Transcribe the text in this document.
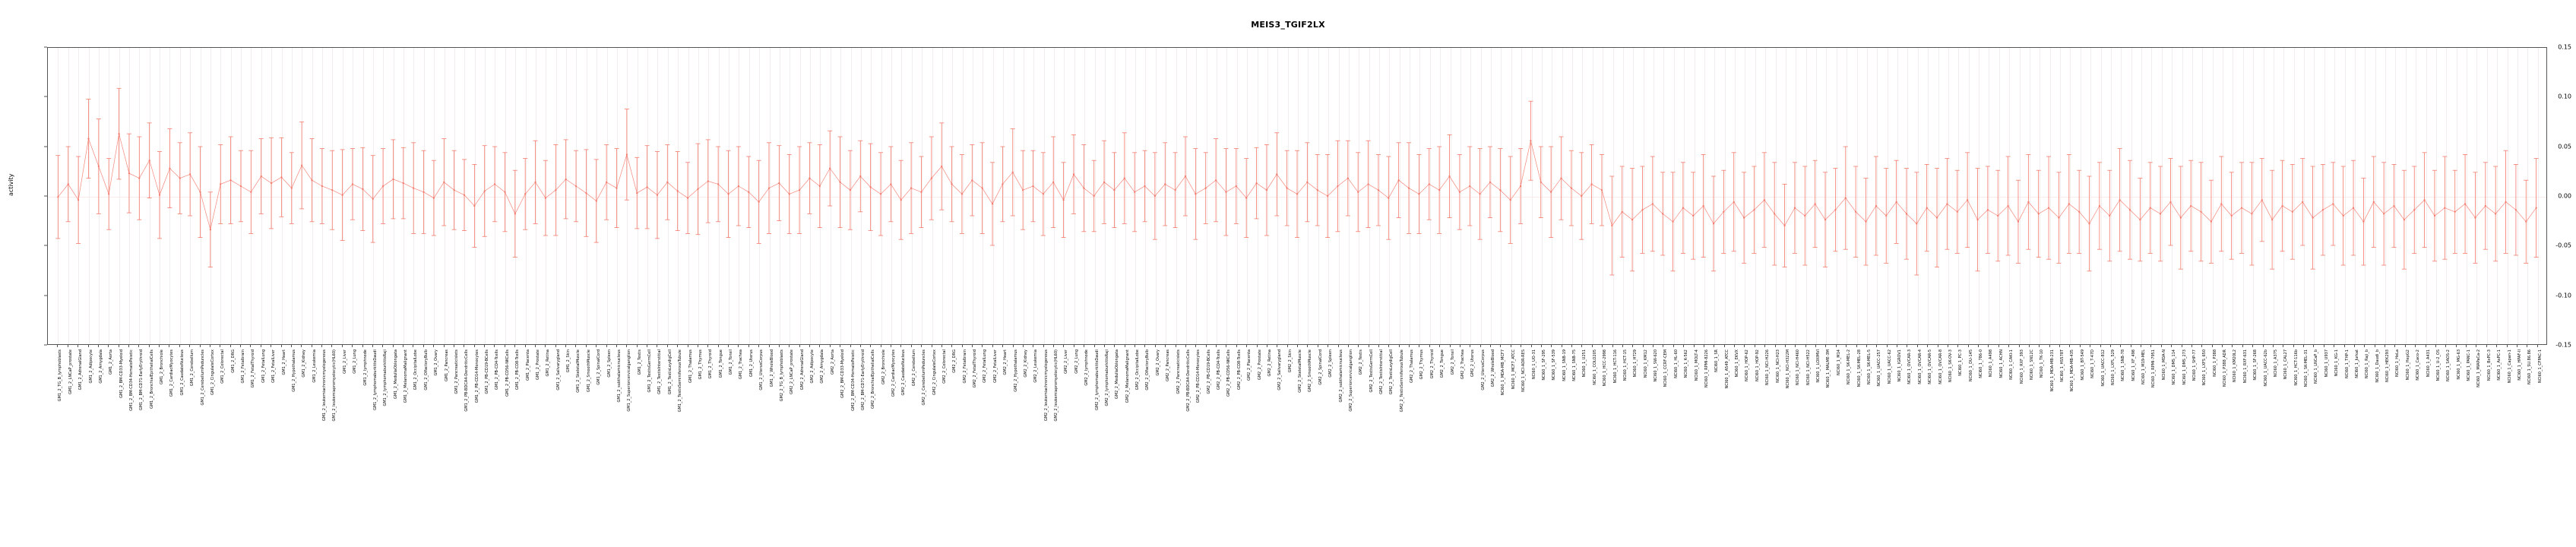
MEIS3_TGIF2LX
activity
-0.15
-0.10
-0.05
0.00
0.05
0.10
0.15
GM1_2_TG_B_lymphoblasts GM1_2_LNCaP_prostate GM1_2_AdrenalGland GM1_2_Adipocyte GM1_2_Amygdala GM1_2_Aorta GM1_2_BM-CD33-Myeloid GM1_2_BM-CD34-HematoPoietic GM1_2_BM-CD71-EarlyErythroid GM1_2_BronchialEpithelialCells GM1_2_Bronchiole GM1_2_CardiacMyocytes GM1_2_CaudateNucleus GM1_2_Cerebellum GM1_2_CerebellumPeduncles GM1_2_CingulateCortex GM1_2_Colorectal GM1_2_DRG GM1_2_Fetalbrain GM1_2_FetalThyroid GM1_2_FetalLung GM1_2_FetalLiver GM1_2_Heart GM1_2_Hypothalamus GM1_2_Kidney GM1_2_Leukemia GM1_2_leukemiachronicmyelogenous GM1_2_leukemiapromyelocytic(HL60) GM1_2_Liver GM1_2_Lung GM1_2_lymphnode GM1_2_lymphomaburkittsDaudi GM1_2_lymphomaburkittsRaji GM1_2_MedullaOblongata GM1_2_MelanomaMalignant GM1_2_OccipitalLobe GM1_2_OlfactoryBulb GM1_2_Ovary GM1_2_Pancreas GM1_2_Pancreaticislets GM1_2_PB-BDCA4-DendriticCells GM1_2_PB-CD14-Monocytes GM1_2_PB-CD19-BCells GM1_2_PB-CD4-Tcells GM1_2_PB-CD56-NKCells GM1_2_PB-CD8-Tcells GM1_2_Placenta GM1_2_Prostate GM1_2_Retina GM1_2_Salivarygland GM1_2_Skin GM1_2_SkeletalMuscle GM1_2_SmoothMuscle GM1_2_SpinalCord GM1_2_Spleen GM1_2_subthalamicnucleus GM1_2_Superiorcervicalganglion GM1_2_Testis GM1_2_TestisGermCell GM1_2_TestisInterstitial GM1_2_TestisLeydigCell GM1_2_TestisSeminiferousTubule GM1_2_Thalamus GM1_2_Thymus GM1_2_Thyroid GM1_2_Tongue GM1_2_Tonsil GM1_2_Trachea GM1_2_Uterus GM1_2_UterusCorpus GM1_2_WholeBlood GM2_2_TG_B_lymphoblasts GM2_2_LNCaP_prostate GM2_2_AdrenalGland GM2_2_Adipocyte GM2_2_Amygdala GM2_2_Aorta GM2_2_BM-CD33-Myeloid GM2_2_BM-CD34-HematoPoietic GM2_2_BM-CD71-EarlyErythroid GM2_2_BronchialEpithelialCells GM2_2_Bronchiole GM2_2_CardiacMyocytes GM2_2_CaudateNucleus GM2_2_Cerebellum GM2_2_CerebellumPeduncles GM2_2_CingulateCortex GM2_2_Colorectal GM2_2_DRG GM2_2_Fetalbrain GM2_2_FetalThyroid GM2_2_FetalLung GM2_2_FetalLiver GM2_2_Heart GM2_2_Hypothalamus GM2_2_Kidney GM2_2_Leukemia GM2_2_leukemiachronicmyelogenous GM2_2_leukemiapromyelocytic(HL60) GM2_2_Liver GM2_2_Lung GM2_2_lymphnode GM2_2_lymphomaburkittsDaudi GM2_2_lymphomaburkittsRaji GM2_2_MedullaOblongata GM2_2_MelanomaMalignant GM2_2_OccipitalLobe GM2_2_OlfactoryBulb GM2_2_Ovary GM2_2_Pancreas GM2_2_Pancreaticislets GM2_2_PB-BDCA4-DendriticCells GM2_2_PB-CD14-Monocytes GM2_2_PB-CD19-BCells GM2_2_PB-CD4-Tcells GM2_2_PB-CD56-NKCells GM2_2_PB-CD8-Tcells GM2_2_Placenta GM2_2_Prostate GM2_2_Retina GM2_2_Salivarygland GM2_2_Skin GM2_2_SkeletalMuscle GM2_2_SmoothMuscle GM2_2_SpinalCord GM2_2_Spleen GM2_2_subthalamicnucleus GM2_2_Superiorcervicalganglion GM2_2_Testis GM2_2_TestisGermCell GM2_2_TestisInterstitial GM2_2_TestisLeydigCell GM2_2_TestisSeminiferousTubule GM2_2_Thalamus GM2_2_Thymus GM2_2_Thyroid GM2_2_Tongue GM2_2_Tonsil GM2_2_Trachea GM2_2_Uterus GM2_2_UterusCorpus GM2_2_WholeBlood NCI60_1_MDA-MB_MCF7 NCI60_1_MCF7_ATCC NCI60_1_NCI-ADR-RES NCI60_1_UO-31 NCI60_1_SF-295 NCI60_1_SF-539 NCI60_1_SNB-19 NCI60_1_SNB-75 NCI60_1_U251 NCI60_1_COLO205 NCI60_1_HCC-2998 NCI60_1_HCT-116 NCI60_1_HCT-15 NCI60_1_HT29 NCI60_1_KM12 NCI60_1_SW-620 NCI60_1_CCRF-CEM NCI60_1_HL-60 NCI60_1_K-562 NCI60_1_MOLT-4 NCI60_1_RPMI-8226 NCI60_1_SR NCI60_1_A549_ATCC NCI60_1_EKVX NCI60_1_HOP-62 NCI60_1_HOP-92 NCI60_1_NCI-H226 NCI60_1_NCI-H23 NCI60_1_NCI-H322M NCI60_1_NCI-H460 NCI60_1_NCI-H522 NCI60_1_LOXIMVI NCI60_1_MALME-3M NCI60_1_M14 NCI60_1_SK-MEL-2 NCI60_1_SK-MEL-28 NCI60_1_SK-MEL-5 NCI60_1_UACC-257 NCI60_1_UACC-62 NCI60_1_IGROV1 NCI60_1_OVCAR-3 NCI60_1_OVCAR-4 NCI60_1_OVCAR-5 NCI60_1_OVCAR-8 NCI60_1_SK-OV-3 NCI60_1_PC-3 NCI60_1_DU-145 NCI60_1_786-0 NCI60_1_A498 NCI60_1_ACHN NCI60_1_CAKI-1 NCI60_1_RXF_393 NCI60_1_SN12C NCI60_1_TK-10 NCI60_1_MDA-MB-231 NCI60_1_HS578T NCI60_1_MDA-MB-435 NCI60_1_BT-549 NCI60_1_T-47D NCI60_1_UACC-812 NCI60_1_LXFL_529 NCI60_1_SNB-78 NCI60_1_XF_498 NCI60_1_M19-MEL NCI60_1_RPMI-7951 NCI60_1_MDA-N NCI60_1_DMS_114 NCI60_1_DMS_273 NCI60_1_SHP-77 NCI60_1_LXFS_650 NCI60_1_P388 NCI60_1_P388_ADR NCI60_1_KM20L2 NCI60_1_RXF-631 NCI60_1_SF-268 NCI60_1_UACC-62b NCI60_1_A375 NCI60_1_CAL27 NCI60_1_HCT-116b NCI60_1_SK-MEL-31 NCI60_1_LNCaP_b NCI60_1_U937 NCI60_1_KG-1 NCI60_1_THP-1 NCI60_1_Jurkat NCI60_1_Raji_b NCI60_1_Daudi_b NCI60_1_HEK293 NCI60_1_HeLa NCI60_1_HepG2 NCI60_1_Caco-2 NCI60_1_A431 NCI60_1_U-2_OS NCI60_1_SAOS-2 NCI60_1_MG-63 NCI60_1_PANC-1 NCI60_1_MIAPaCa-2 NCI60_1_BxPC-3 NCI60_1_AsPC-1 NCI60_1_Capan-1 NCI60_1_HPAF-II NCI60_1_SU.86.86 NCI60_1_CFPAC-1
